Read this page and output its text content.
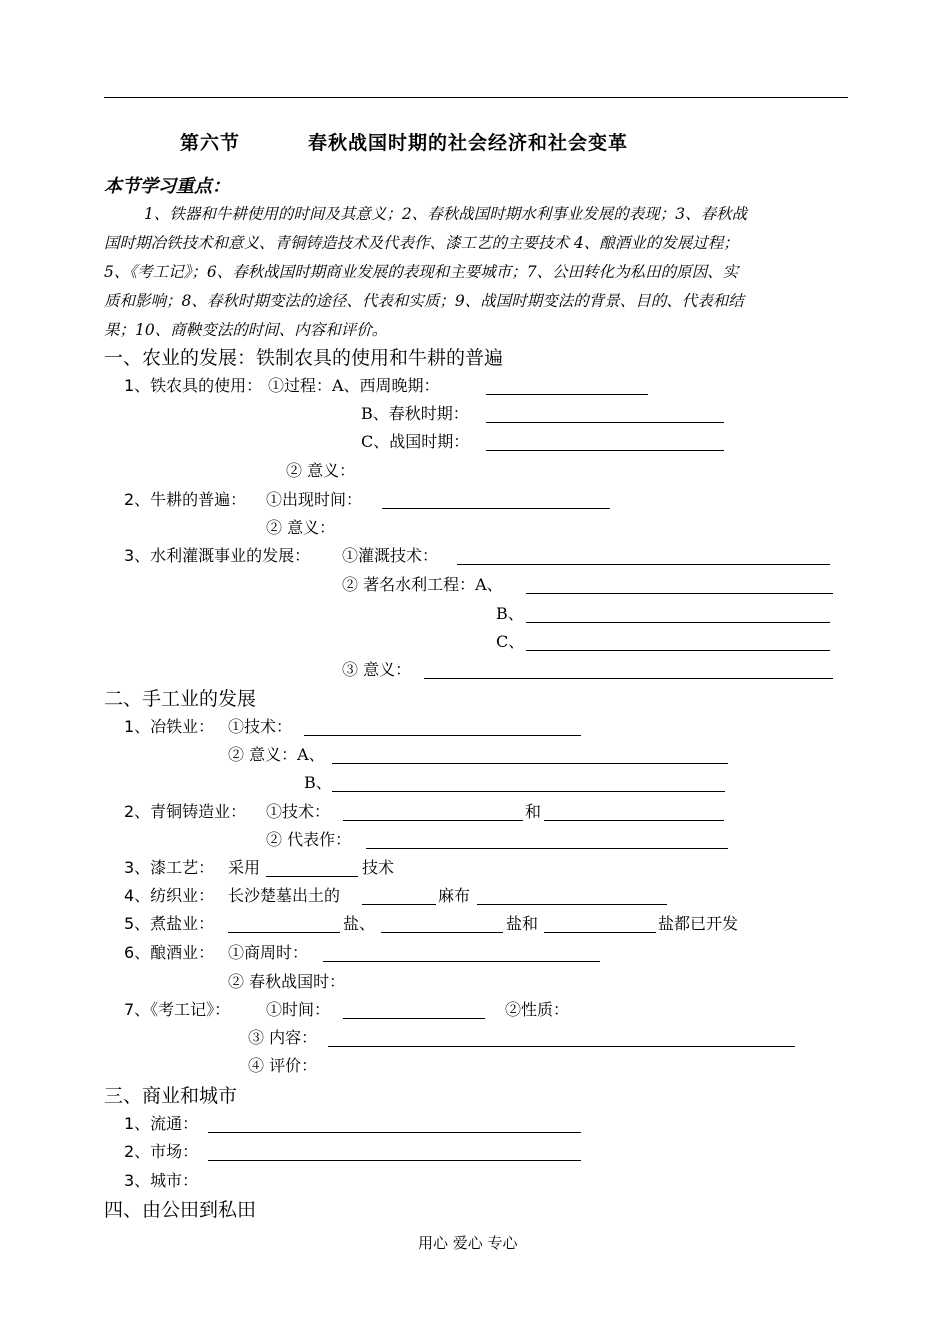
第六节	春秋战国时期的社会经济和社会变革
本节学习重点：
1、铁器和牛耕使用的时间及其意义；2、春秋战国时期水利事业发展的表现；3、春秋战
国时期冶铁技术和意义、青铜铸造技术及代表作、漆工艺的主要技术 4、酿酒业的发展过程；
5、《考工记》；6、春秋战国时期商业发展的表现和主要城市；7、公田转化为私田的原因、实
质和影响；8、春秋时期变法的途径、代表和实质；9、战国时期变法的背景、目的、代表和结
果；10、商鞅变法的时间、内容和评价。
一、农业的发展：铁制农具的使用和牛耕的普遍
1、铁农具的使用： ①过程：A、西周晚期：
B、春秋时期：
C、战国时期：
② 意义：
2、牛耕的普遍： ①出现时间：
② 意义：
3、水利灌溉事业的发展： ①灌溉技术：
② 著名水利工程：A、
B、
C、
③ 意义：
二、手工业的发展
1、冶铁业： ①技术：
② 意义：A、
B、
2、青铜铸造业： ①技术：	和
② 代表作：
3、漆工艺： 采用	技术
4、纺织业： 长沙楚墓出土的	麻布
5、煮盐业：	盐、	盐和	盐都已开发
6、酿酒业： ①商周时：
② 春秋战国时：
7、《考工记》： ①时间：	②性质：
③ 内容：
④ 评价：
三、商业和城市
1、流通：
2、市场：
3、城市：
四、由公田到私田
用心 爱心 专心
